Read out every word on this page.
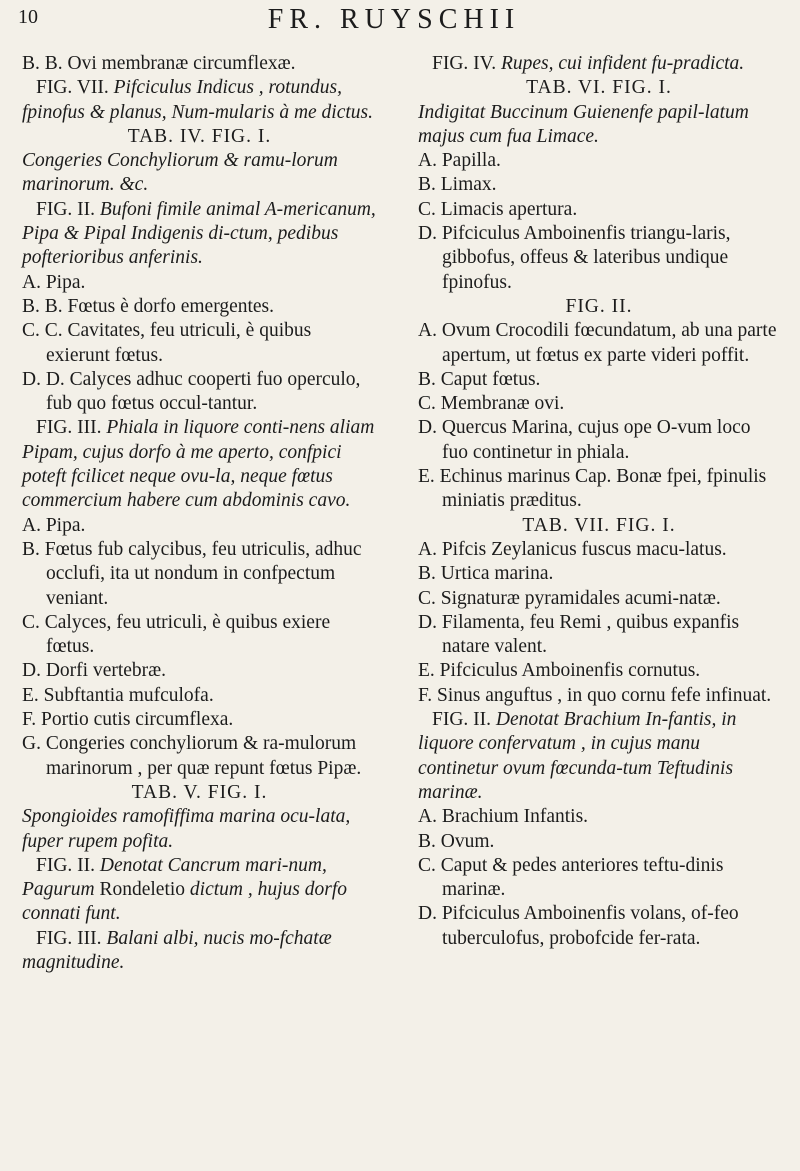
10	FR. RUYSCHII

B. B. Ovi membranæ circumflexæ.

FIG. VII. Pifciculus Indicus , rotundus, fpinofus & planus, Num-mularis à me dictus.

TAB. IV. FIG. I.

Congeries Conchyliorum & ramu-lorum marinorum. &c.

FIG. II. Bufoni fimile animal A-mericanum, Pipa & Pipal Indigenis di-ctum, pedibus pofterioribus anferinis.

A. Pipa.

B. B. Fœtus è dorfo emergentes.

C. C. Cavitates, feu utriculi, è quibus exierunt fœtus.

D. D. Calyces adhuc cooperti fuo operculo, fub quo fœtus occul-tantur.

FIG. III. Phiala in liquore conti-nens aliam Pipam, cujus dorfo à me aperto, confpici poteft fcilicet neque ovu-la, neque fœtus commercium habere cum abdominis cavo.

A. Pipa.

B. Fœtus fub calycibus, feu utriculis, adhuc occlufi, ita ut nondum in confpectum veniant.

C. Calyces, feu utriculi, è quibus exiere fœtus.

D. Dorfi vertebræ.

E. Subftantia mufculofa.

F. Portio cutis circumflexa.

G. Congeries conchyliorum & ra-mulorum marinorum , per quæ repunt fœtus Pipæ.

TAB. V. FIG. I.

Spongioides ramofiffima marina ocu-lata, fuper rupem pofita.

FIG. II. Denotat Cancrum mari-num, Pagurum Rondeletio dictum , hujus dorfo connati funt.

FIG. III. Balani albi, nucis mo-fchatæ magnitudine.

FIG. IV. Rupes, cui infident fu-pradicta.

TAB. VI. FIG. I.

Indigitat Buccinum Guienenfe papil-latum majus cum fua Limace.

A. Papilla.

B. Limax.

C. Limacis apertura.

D. Pifciculus Amboinenfis triangu-laris, gibbofus, offeus & lateribus undique fpinofus.

FIG. II.

A. Ovum Crocodili fœcundatum, ab una parte apertum, ut fœtus ex parte videri poffit.

B. Caput fœtus.

C. Membranæ ovi.

D. Quercus Marina, cujus ope O-vum loco fuo continetur in phiala.

E. Echinus marinus Cap. Bonæ fpei, fpinulis miniatis præditus.

TAB. VII. FIG. I.

A. Pifcis Zeylanicus fuscus macu-latus.

B. Urtica marina.

C. Signaturæ pyramidales acumi-natæ.

D. Filamenta, feu Remi , quibus expanfis natare valent.

E. Pifciculus Amboinenfis cornutus.

F. Sinus anguftus , in quo cornu fefe infinuat.

FIG. II. Denotat Brachium In-fantis, in liquore confervatum , in cujus manu continetur ovum fœcunda-tum Teftudinis marinæ.

A. Brachium Infantis.

B. Ovum.

C. Caput & pedes anteriores teftu-dinis marinæ.

D. Pifciculus Amboinenfis volans, of-feo tuberculofus, probofcide fer-rata.
